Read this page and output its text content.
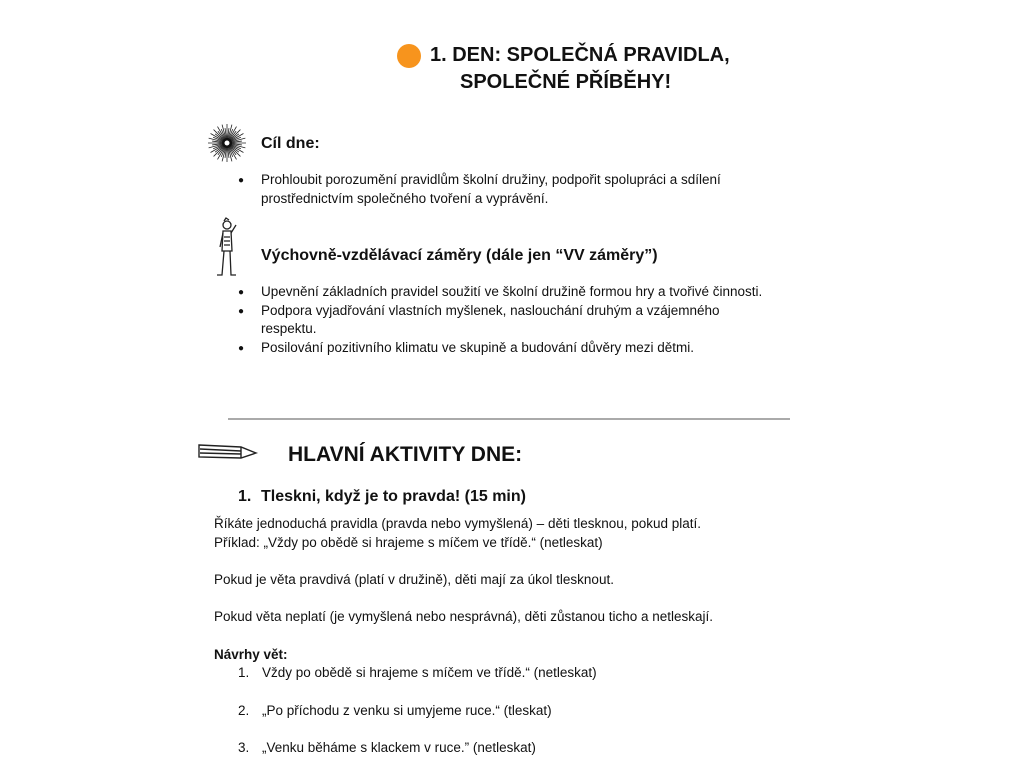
1. DEN: SPOLEČNÁ PRAVIDLA,
SPOLEČNÉ PŘÍBĚHY!
Cíl dne:
● Prohloubit porozumění pravidlům školní družiny, podpořit spolupráci a sdílení
prostřednictvím společného tvoření a vyprávění.
Výchovně-vzdělávací záměry (dále jen “VV záměry”)
● Upevnění základních pravidel soužití ve školní družině formou hry a tvořivé činnosti.
● Podpora vyjadřování vlastních myšlenek, naslouchání druhým a vzájemného
respektu.
● Posilování pozitivního klimatu ve skupině a budování důvěry mezi dětmi.
HLAVNÍ AKTIVITY DNE:
1. Tleskni, když je to pravda! (15 min)
Říkáte jednoduchá pravidla (pravda nebo vymyšlená) – děti tlesknou, pokud platí.
Příklad: „Vždy po obědě si hrajeme s míčem ve třídě.“ (netleskat)
Pokud je věta pravdivá (platí v družině), děti mají za úkol tlesknout.
Pokud věta neplatí (je vymyšlená nebo nesprávná), děti zůstanou ticho a netleskají.
Návrhy vět:
1. Vždy po obědě si hrajeme s míčem ve třídě.“ (netleskat)
2. „Po příchodu z venku si umyjeme ruce.“ (tleskat)
3. „Venku běháme s klackem v ruce.” (netleskat)
